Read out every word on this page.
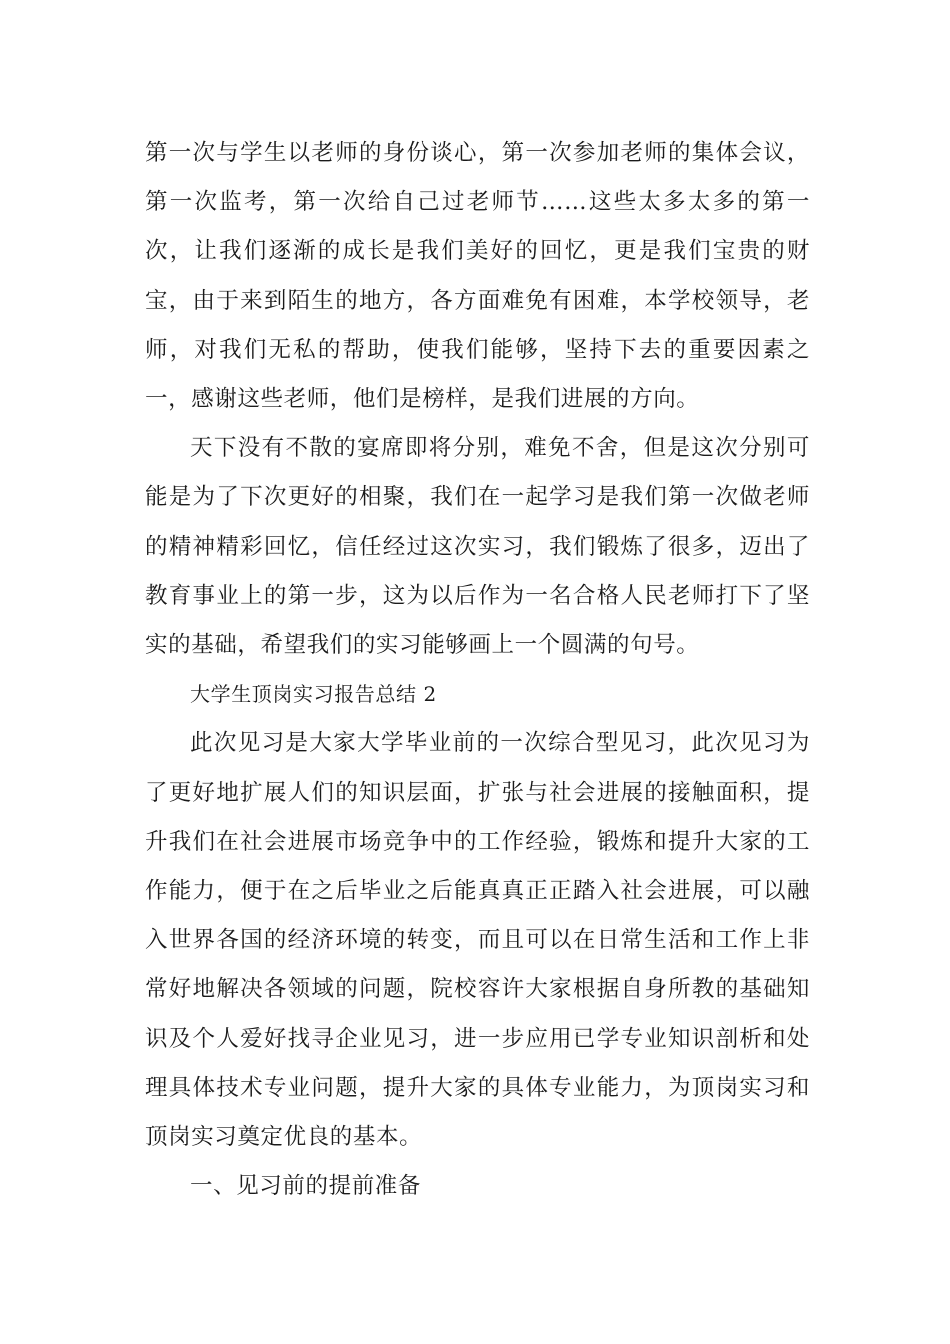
第一次与学生以老师的身份谈心，第一次参加老师的集体会议，第一次监考，第一次给自己过老师节……这些太多太多的第一次，让我们逐渐的成长是我们美好的回忆，更是我们宝贵的财宝，由于来到陌生的地方，各方面难免有困难，本学校领导，老师，对我们无私的帮助，使我们能够，坚持下去的重要因素之一，感谢这些老师，他们是榜样，是我们进展的方向。

天下没有不散的宴席即将分别，难免不舍，但是这次分别可能是为了下次更好的相聚，我们在一起学习是我们第一次做老师的精神精彩回忆，信任经过这次实习，我们锻炼了很多，迈出了教育事业上的第一步，这为以后作为一名合格人民老师打下了坚实的基础，希望我们的实习能够画上一个圆满的句号。

大学生顶岗实习报告总结 2

此次见习是大家大学毕业前的一次综合型见习，此次见习为了更好地扩展人们的知识层面，扩张与社会进展的接触面积，提升我们在社会进展市场竞争中的工作经验，锻炼和提升大家的工作能力，便于在之后毕业之后能真真正正踏入社会进展，可以融入世界各国的经济环境的转变，而且可以在日常生活和工作上非常好地解决各领域的问题，院校容许大家根据自身所教的基础知识及个人爱好找寻企业见习，进一步应用已学专业知识剖析和处理具体技术专业问题，提升大家的具体专业能力，为顶岗实习和顶岗实习奠定优良的基本。

一、见习前的提前准备
